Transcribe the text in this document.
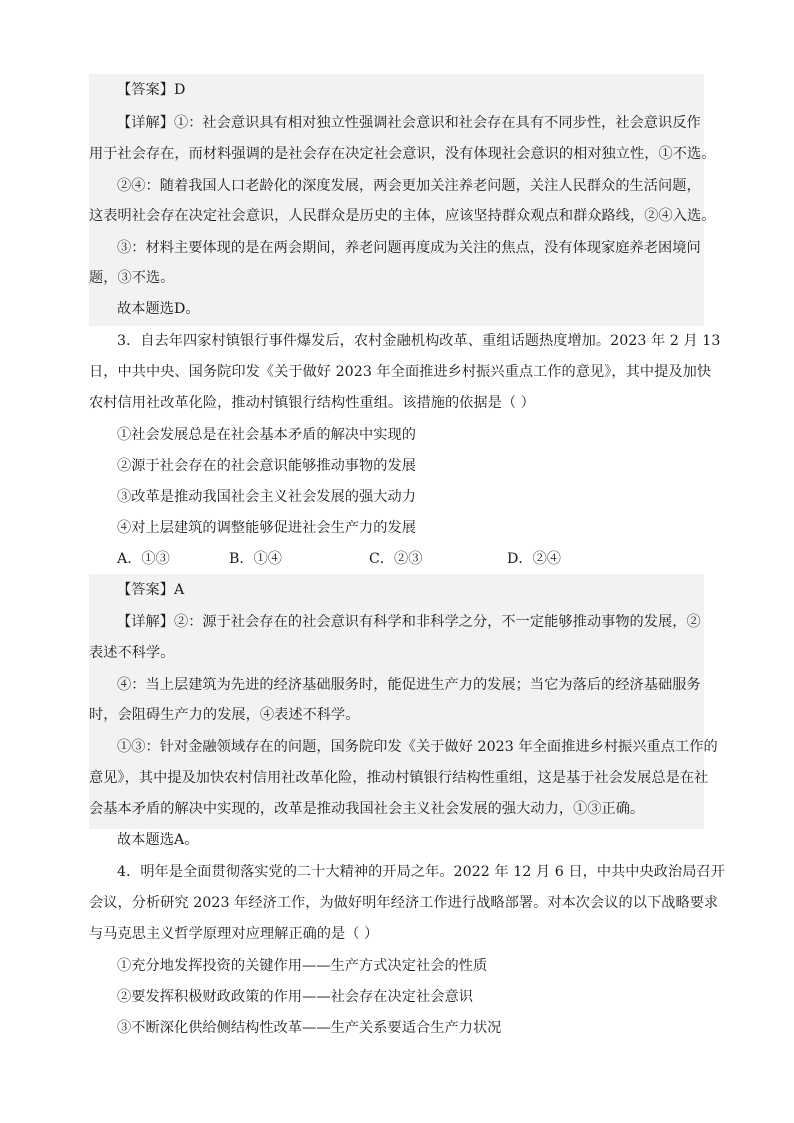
【答案】D
【详解】①：社会意识具有相对独立性强调社会意识和社会存在具有不同步性，社会意识反作
用于社会存在，而材料强调的是社会存在决定社会意识，没有体现社会意识的相对独立性，①不选。
②④：随着我国人口老龄化的深度发展，两会更加关注养老问题，关注人民群众的生活问题，
这表明社会存在决定社会意识，人民群众是历史的主体，应该坚持群众观点和群众路线，②④入选。
③：材料主要体现的是在两会期间，养老问题再度成为关注的焦点，没有体现家庭养老困境问
题，③不选。
故本题选D。
3．自去年四家村镇银行事件爆发后，农村金融机构改革、重组话题热度增加。2023 年 2 月 13
日，中共中央、国务院印发《关于做好 2023 年全面推进乡村振兴重点工作的意见》，其中提及加快
农村信用社改革化险，推动村镇银行结构性重组。该措施的依据是（ ）
①社会发展总是在社会基本矛盾的解决中实现的
②源于社会存在的社会意识能够推动事物的发展
③改革是推动我国社会主义社会发展的强大动力
④对上层建筑的调整能够促进社会生产力的发展
A．①③	B．①④	C．②③	D．②④
【答案】A
【详解】②：源于社会存在的社会意识有科学和非科学之分，不一定能够推动事物的发展，②
表述不科学。
④：当上层建筑为先进的经济基础服务时，能促进生产力的发展；当它为落后的经济基础服务
时，会阻碍生产力的发展，④表述不科学。
①③：针对金融领域存在的问题，国务院印发《关于做好 2023 年全面推进乡村振兴重点工作的
意见》，其中提及加快农村信用社改革化险，推动村镇银行结构性重组，这是基于社会发展总是在社
会基本矛盾的解决中实现的，改革是推动我国社会主义社会发展的强大动力，①③正确。
故本题选A。
4．明年是全面贯彻落实党的二十大精神的开局之年。2022 年 12 月 6 日，中共中央政治局召开
会议，分析研究 2023 年经济工作，为做好明年经济工作进行战略部署。对本次会议的以下战略要求
与马克思主义哲学原理对应理解正确的是（ ）
①充分地发挥投资的关键作用——生产方式决定社会的性质
②要发挥积极财政政策的作用——社会存在决定社会意识
③不断深化供给侧结构性改革——生产关系要适合生产力状况
